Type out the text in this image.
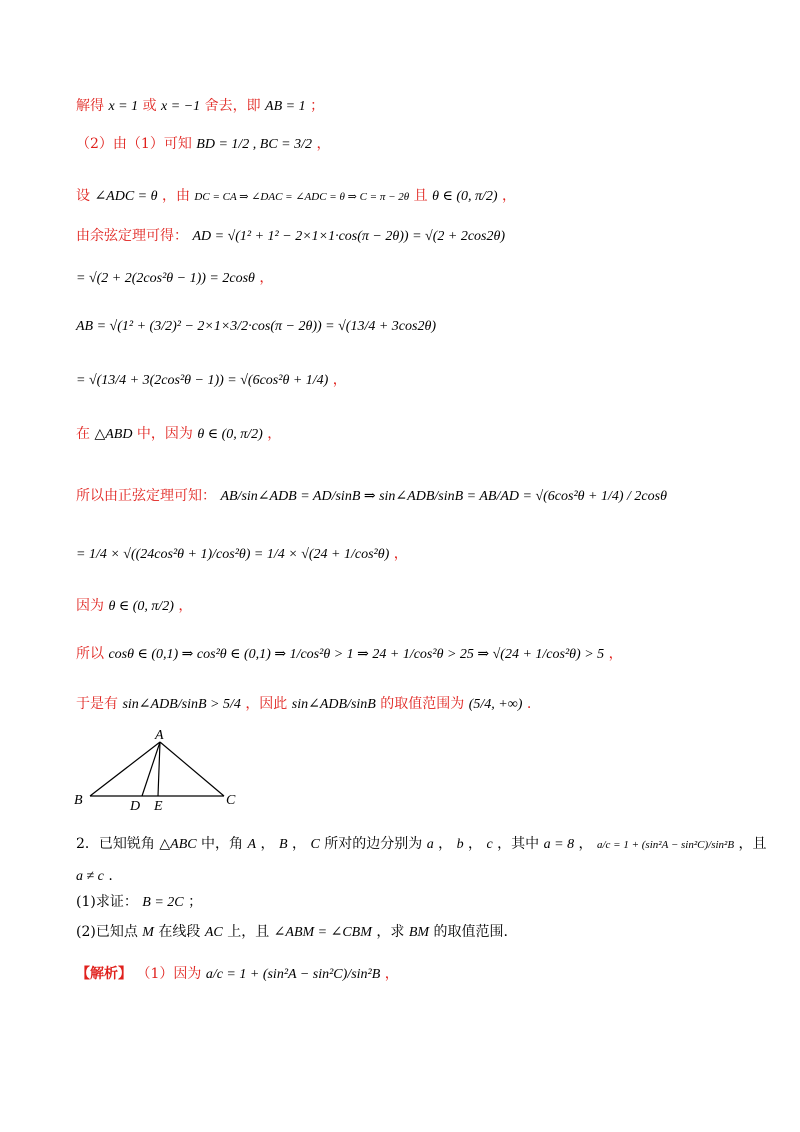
解得 x = 1 或 x = −1 舍去，即 AB = 1 ；
（2）由（1）可知 BD = 1/2 , BC = 3/2 ，
设 ∠ADC = θ ，由 DC = CA ⇒ ∠DAC = ∠ADC = θ ⇒ C = π − 2θ 且 θ ∈ (0, π/2) ，
由余弦定理可得： AD = √(1² + 1² − 2×1×1·cos(π − 2θ)) = √(2 + 2cos2θ)
= √(2 + 2(2cos²θ − 1)) = 2cosθ ，
AB = √(1² + (3/2)² − 2×1×3/2·cos(π − 2θ)) = √(13/4 + 3cos2θ)
= √(13/4 + 3(2cos²θ − 1)) = √(6cos²θ + 1/4) ，
在 △ABD 中，因为 θ ∈ (0, π/2) ，
所以由正弦定理可知： AB/sin∠ADB = AD/sinB ⇒ sin∠ADB/sinB = AB/AD = √(6cos²θ + 1/4) / 2cosθ
= 1/4 × √((24cos²θ + 1)/cos²θ) = 1/4 × √(24 + 1/cos²θ) ，
因为 θ ∈ (0, π/2) ，
所以 cosθ ∈ (0,1) ⇒ cos²θ ∈ (0,1) ⇒ 1/cos²θ > 1 ⇒ 24 + 1/cos²θ > 25 ⇒ √(24 + 1/cos²θ) > 5 ，
于是有 sin∠ADB/sinB > 5/4 ，因此 sin∠ADB/sinB 的取值范围为 (5/4, +∞) .
A
B	C
D E
2．已知锐角 △ABC 中，角 A ， B ， C 所对的边分别为 a ， b ， c ，其中 a = 8 ， a/c = 1 + (sin²A − sin²C)/sin²B ，且
a ≠ c .
(1)求证： B = 2C ；
(2)已知点 M 在线段 AC 上，且 ∠ABM = ∠CBM ，求 BM 的取值范围.
【解析】 （1）因为 a/c = 1 + (sin²A − sin²C)/sin²B ，
